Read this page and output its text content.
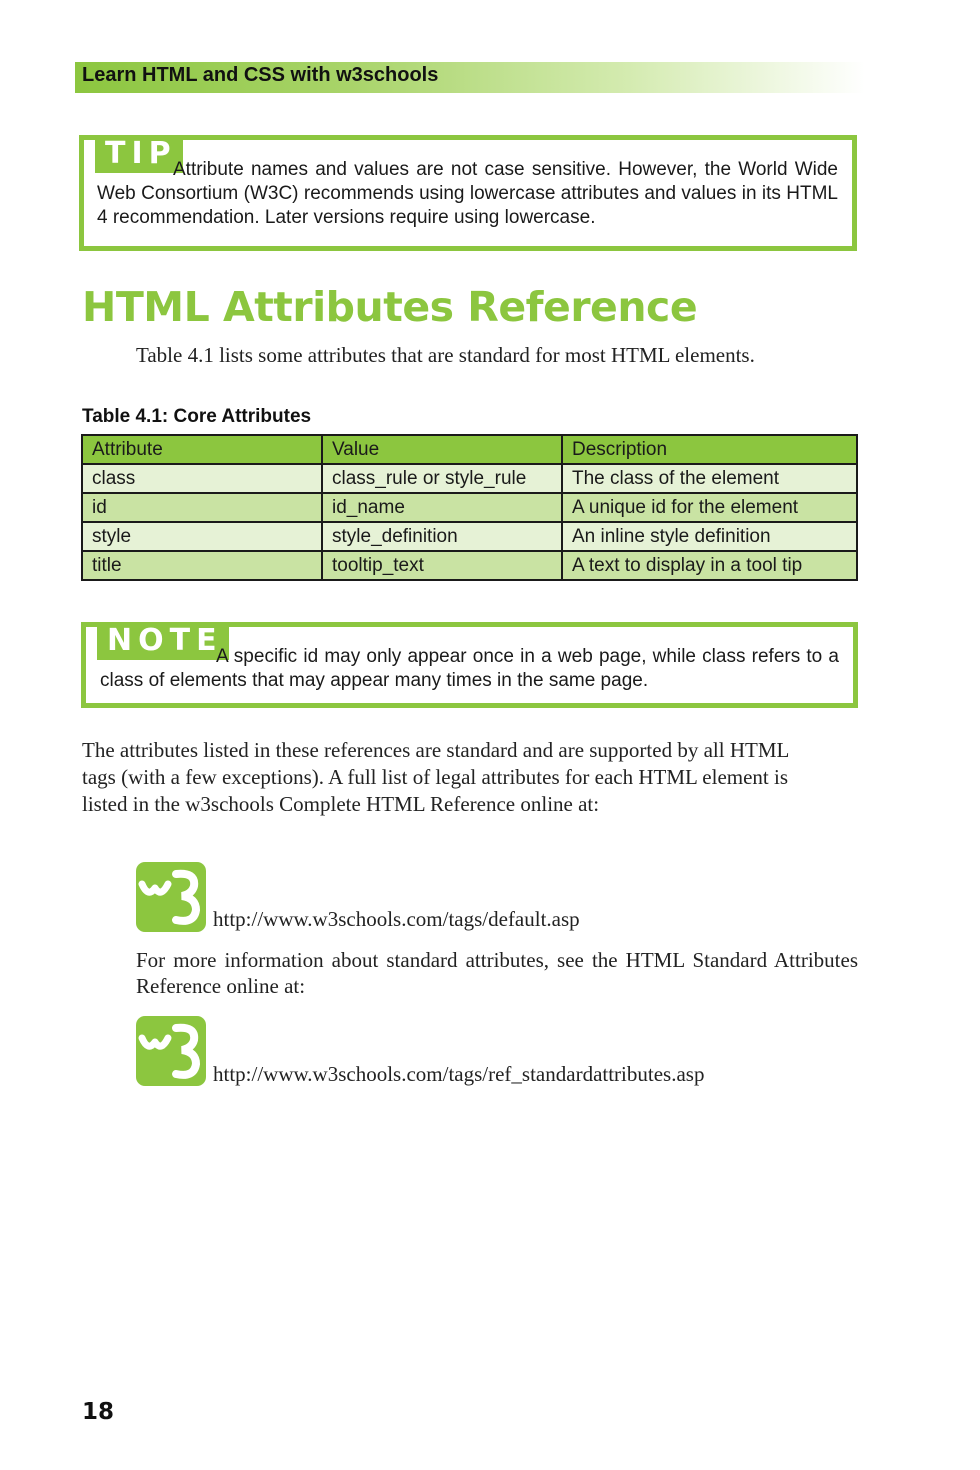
Learn HTML and CSS with w3schools
TIP
Attribute names and values are not case sensitive. However, the World Wide Web Consortium (W3C) recommends using lowercase attributes and values in its HTML 4 recommendation. Later versions require using lowercase.
HTML Attributes Reference
Table 4.1 lists some attributes that are standard for most HTML elements.
Table 4.1: Core Attributes
Attribute	Value	Description
class	class_rule or style_rule	The class of the element
id	id_name	A unique id for the element
style	style_definition	An inline style definition
title	tooltip_text	A text to display in a tool tip
NOTE
A specific id may only appear once in a web page, while class refers to a class of elements that may appear many times in the same page.
The attributes listed in these references are standard and are supported by all HTML tags (with a few exceptions). A full list of legal attributes for each HTML element is listed in the w3schools Complete HTML Reference online at:
http://www.w3schools.com/tags/default.asp
For more information about standard attributes, see the HTML Standard Attributes Reference online at:
http://www.w3schools.com/tags/ref_standardattributes.asp
18
